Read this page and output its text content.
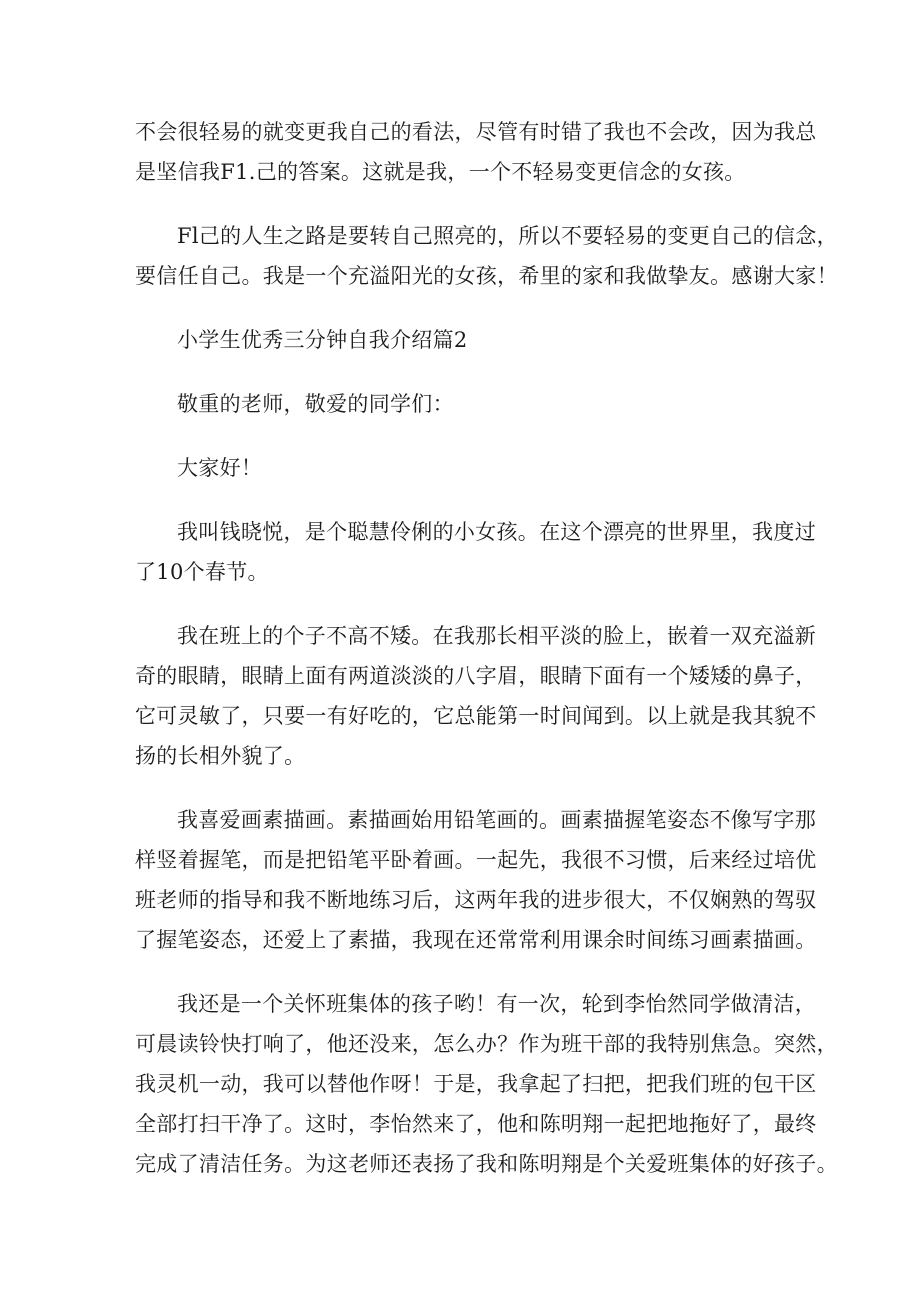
不会很轻易的就变更我自己的看法，尽管有时错了我也不会改，因为我总
是坚信我F1.己的答案。这就是我，一个不轻易变更信念的女孩。
Fl己的人生之路是要转自己照亮的，所以不要轻易的变更自己的信念，
要信任自己。我是一个充溢阳光的女孩，希里的家和我做挚友。感谢大家！
小学生优秀三分钟自我介绍篇2
敬重的老师，敬爱的同学们：
大家好！
我叫钱晓悦，是个聪慧伶俐的小女孩。在这个漂亮的世界里，我度过
了10个春节。
我在班上的个子不高不矮。在我那长相平淡的脸上，嵌着一双充溢新
奇的眼睛，眼睛上面有两道淡淡的八字眉，眼睛下面有一个矮矮的鼻子，
它可灵敏了，只要一有好吃的，它总能第一时间闻到。以上就是我其貌不
扬的长相外貌了。
我喜爱画素描画。素描画始用铅笔画的。画素描握笔姿态不像写字那
样竖着握笔，而是把铅笔平卧着画。一起先，我很不习惯，后来经过培优
班老师的指导和我不断地练习后，这两年我的进步很大，不仅娴熟的驾驭
了握笔姿态，还爱上了素描，我现在还常常利用课余时间练习画素描画。
我还是一个关怀班集体的孩子哟！有一次，轮到李怡然同学做清洁，
可晨读铃快打响了，他还没来，怎么办？作为班干部的我特别焦急。突然，
我灵机一动，我可以替他作呀！于是，我拿起了扫把，把我们班的包干区
全部打扫干净了。这时，李怡然来了，他和陈明翔一起把地拖好了，最终
完成了清洁任务。为这老师还表扬了我和陈明翔是个关爱班集体的好孩子。
